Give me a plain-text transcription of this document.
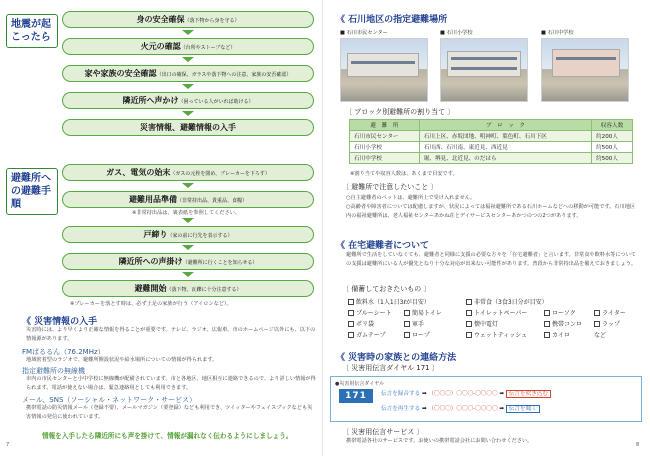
地震が起こったら
避難所への避難手順
身の安全確保（落下物から身を守る）
火元の確認（台所やストーブなど）
家や家族の安全確認（出口の確保、ガラスや落下物への注意、家族の安否確認）
隣近所へ声かけ（困っている人がいれば助ける）
災害情報、避難情報の入手
ガス、電気の始末（ガスの元栓を閉め、ブレーカーを下ろす）
避難用品準備（非常持出品、貴重品、食糧）
※非常持出品は、裏表紙を参照してください。
戸締り（家の前に行先を表示する）
隣近所への声掛け（避難所に行くことを知らせる）
避難開始（落下物、瓦礫に十分注意する）
※ブレーカーを落とす時は、必ず土足の家族が行う（アイロンなど）。
《 災害情報の入手
災害時には、より早くより正確な情報を得ることが重要です。テレビ、ラジオ、広報車、市のホームページ以外にも、以下の情報源があります。
FMぱるるん（76.2MHz）
地域密着型のラジオで、避難所開設状況や給水場所についての情報が得られます。
指定避難所の無線機
市内の市民センターと小中学校に無線機が配備されています。市と各地区、地区相互に連絡できるので、より詳しい情報が得られます。電話が使えない場合は、緊急連絡用としても利用できます。
メール、SNS（ソーシャル・ネットワーク・サービス）
携帯電話の防災情報メール（登録不要）、メールマガジン（要登録）なども利用でき、ツイッターやフェイスブックなども災害情報の発信に使われています。
情報を入手したら隣近所にも声を掛けて、情報が漏れなく伝わるようにしましょう。
7
《 石川地区の指定避難場所
■ 石川市民センター	■ 石川小学校	■ 石川中学校
〔 ブロック別避難所の割り当て 〕
避　難　所	ブ　ロ　ッ　ク	収容人数
石川市民センター	石川上区、赤坂団地、明神町、葉色町、石川下区	約200人
石川小学校	石川西、石川南、東近見、西近見	約500人
石川中学校	堀、堺見、北近見、のだはら	約500人
※割り当てや収容人数は、あくまで目安です。
〔 避難所で注意したいこと 〕
○自主避難者のペットは、避難所上で受け入れません。
○高齢者や障害者については配慮しますが、状況によっては福祉避難所である石川ホームなどへの移動が可能です。石川地区内の福祉避難所は、老人福祉センターあかね荘とデイサービスセンターあかつのつの2つがあります。
《 在宅避難者について
避難所で生活をしていなくても、避難者と同様に支援の必要な方々を「在宅避難者」と言います。非常食や飲料水等についての支援は避難所にいる人が優先となり十分な対応が出来ない可能性があります。普段から非常持出品を備えておきましょう。
〔 備蓄しておきたいもの 〕
飲料水（1人1日3ℓが目安）	非常食（3食3日分が目安）
ブルーシート	簡易トイレ	トイレットペーパー	ローソク	ライター
ポリ袋	軍手	懐中電灯	携帯コンロ	ラップ
ガムテープ	ロープ	ウェットティッシュ	カイロ	など
《 災害時の家族との連絡方法
〔 災害用伝言ダイヤル 171 〕
●災害用伝言ダイヤル
171	伝言を録音する ➡ （〇〇〇）〇〇〇-〇〇〇〇 ➡ 伝言を吹き込む
伝言を再生する ➡ （〇〇〇）〇〇〇-〇〇〇〇 ➡ 伝言を聞く
〔 災害用伝言サービス 〕
携帯電話各社のサービスです。お使いの携帯電話会社にお問い合わせください。
8
